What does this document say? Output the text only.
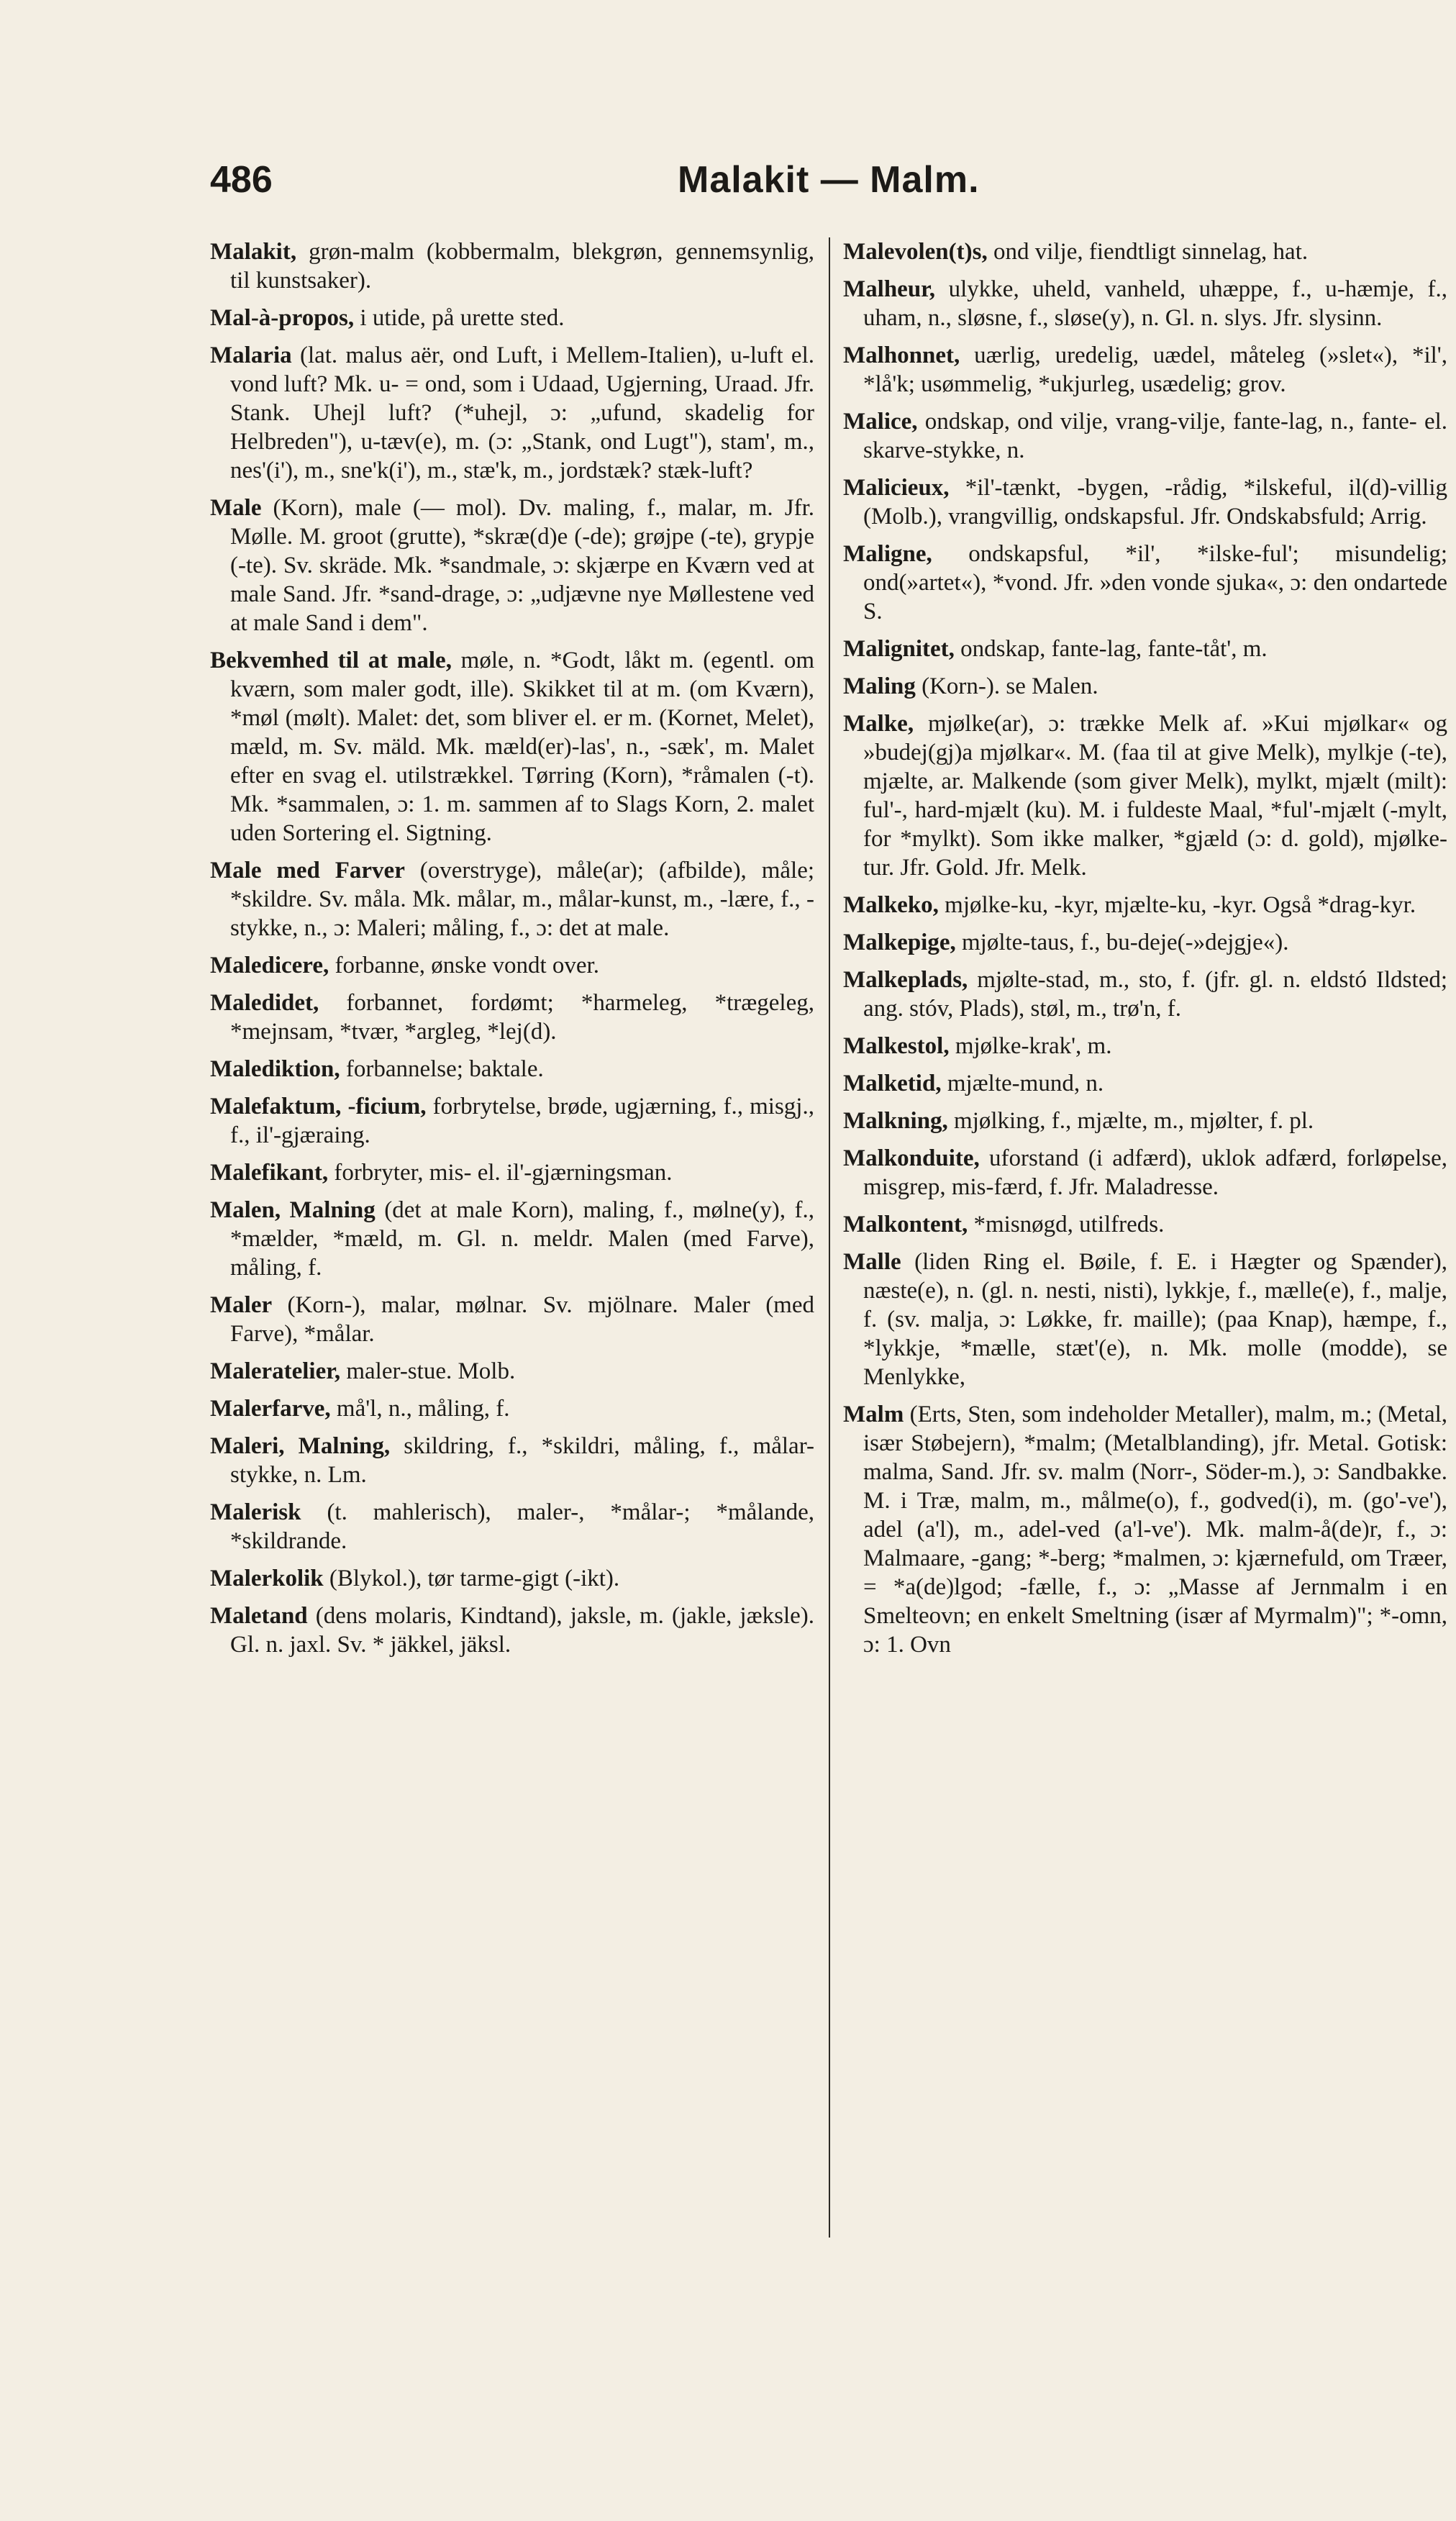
486	Malakit — Malm.

Malakit, grøn-malm (kobbermalm, blekgrøn, gennemsynlig, til kunstsaker).

Mal-à-propos, i utide, på urette sted.

Malaria (lat. malus aër, ond Luft, i Mellem-Italien), u-luft el. vond luft? Mk. u- = ond, som i Udaad, Ugjerning, Uraad. Jfr. Stank. Uhejl luft? (*uhejl, ɔ: „ufund, skadelig for Helbreden"), u-tæv(e), m. (ɔ: „Stank, ond Lugt"), stam', m., nes'(i'), m., sne'k(i'), m., stæ'k, m., jordstæk? stæk-luft?

Male (Korn), male (— mol). Dv. maling, f., malar, m. Jfr. Mølle. M. groot (grutte), *skræ(d)e (-de); grøjpe (-te), grypje (-te). Sv. skräde. Mk. *sandmale, ɔ: skjærpe en Kværn ved at male Sand. Jfr. *sand-drage, ɔ: „udjævne nye Møllestene ved at male Sand i dem".

Bekvemhed til at male, møle, n. *Godt, låkt m. (egentl. om kværn, som maler godt, ille). Skikket til at m. (om Kværn), *møl (mølt). Malet: det, som bliver el. er m. (Kornet, Melet), mæld, m. Sv. mäld. Mk. mæld(er)-las', n., -sæk', m. Malet efter en svag el. utilstrækkel. Tørring (Korn), *råmalen (-t). Mk. *sammalen, ɔ: 1. m. sammen af to Slags Korn, 2. malet uden Sortering el. Sigtning.

Male med Farver (overstryge), måle(ar); (afbilde), måle; *skildre. Sv. måla. Mk. målar, m., målar-kunst, m., -lære, f., -stykke, n., ɔ: Maleri; måling, f., ɔ: det at male.

Maledicere, forbanne, ønske vondt over.

Maledidet, forbannet, fordømt; *harmeleg, *trægeleg, *mejnsam, *tvær, *argleg, *lej(d).

Malediktion, forbannelse; baktale.

Malefaktum, -ficium, forbrytelse, brøde, ugjærning, f., misgj., f., il'-gjæraing.

Malefikant, forbryter, mis- el. il'-gjærningsman.

Malen, Malning (det at male Korn), maling, f., mølne(y), f., *mælder, *mæld, m. Gl. n. meldr. Malen (med Farve), måling, f.

Maler (Korn-), malar, mølnar. Sv. mjölnare. Maler (med Farve), *målar.

Maleratelier, maler-stue. Molb.

Malerfarve, må'l, n., måling, f.

Maleri, Malning, skildring, f., *skildri, måling, f., målar-stykke, n. Lm.

Malerisk (t. mahlerisch), maler-, *målar-; *målande, *skildrande.

Malerkolik (Blykol.), tør tarme-gigt (-ikt).

Maletand (dens molaris, Kindtand), jaksle, m. (jakle, jæksle). Gl. n. jaxl. Sv. * jäkkel, jäksl.

Malevolen(t)s, ond vilje, fiendtligt sinnelag, hat.

Malheur, ulykke, uheld, vanheld, uhæppe, f., u-hæmje, f., uham, n., sløsne, f., sløse(y), n. Gl. n. slys. Jfr. slysinn.

Malhonnet, uærlig, uredelig, uædel, måteleg (»slet«), *il', *lå'k; usømmelig, *ukjurleg, usædelig; grov.

Malice, ondskap, ond vilje, vrang-vilje, fante-lag, n., fante- el. skarve-stykke, n.

Malicieux, *il'-tænkt, -bygen, -rådig, *ilskeful, il(d)-villig (Molb.), vrangvillig, ondskapsful. Jfr. Ondskabsfuld; Arrig.

Maligne, ondskapsful, *il', *ilske-ful'; misundelig; ond(»artet«), *vond. Jfr. »den vonde sjuka«, ɔ: den ondartede S.

Malignitet, ondskap, fante-lag, fante-tåt', m.

Maling (Korn-). se Malen.

Malke, mjølke(ar), ɔ: trække Melk af. »Kui mjølkar« og »budej(gj)a mjølkar«. M. (faa til at give Melk), mylkje (-te), mjælte, ar. Malkende (som giver Melk), mylkt, mjælt (milt): ful'-, hard-mjælt (ku). M. i fuldeste Maal, *ful'-mjælt (-mylt, for *mylkt). Som ikke malker, *gjæld (ɔ: d. gold), mjølke-tur. Jfr. Gold. Jfr. Melk.

Malkeko, mjølke-ku, -kyr, mjælte-ku, -kyr. Også *drag-kyr.

Malkepige, mjølte-taus, f., bu-deje(-»dejgje«).

Malkeplads, mjølte-stad, m., sto, f. (jfr. gl. n. eldstó Ildsted; ang. stóv, Plads), støl, m., trø'n, f.

Malkestol, mjølke-krak', m.

Malketid, mjælte-mund, n.

Malkning, mjølking, f., mjælte, m., mjølter, f. pl.

Malkonduite, uforstand (i adfærd), uklok adfærd, forløpelse, misgrep, mis-færd, f. Jfr. Maladresse.

Malkontent, *misnøgd, utilfreds.

Malle (liden Ring el. Bøile, f. E. i Hægter og Spænder), næste(e), n. (gl. n. nesti, nisti), lykkje, f., mælle(e), f., malje, f. (sv. malja, ɔ: Løkke, fr. maille); (paa Knap), hæmpe, f., *lykkje, *mælle, stæt'(e), n. Mk. molle (modde), se Menlykke,

Malm (Erts, Sten, som indeholder Metaller), malm, m.; (Metal, især Støbejern), *malm; (Metalblanding), jfr. Metal. Gotisk: malma, Sand. Jfr. sv. malm (Norr-, Söder-m.), ɔ: Sandbakke. M. i Træ, malm, m., målme(o), f., godved(i), m. (go'-ve'), adel (a'l), m., adel-ved (a'l-ve'). Mk. malm-å(de)r, f., ɔ: Malmaare, -gang; *-berg; *malmen, ɔ: kjærnefuld, om Træer, = *a(de)lgod; -fælle, f., ɔ: „Masse af Jernmalm i en Smelteovn; en enkelt Smeltning (især af Myrmalm)"; *-omn, ɔ: 1. Ovn
